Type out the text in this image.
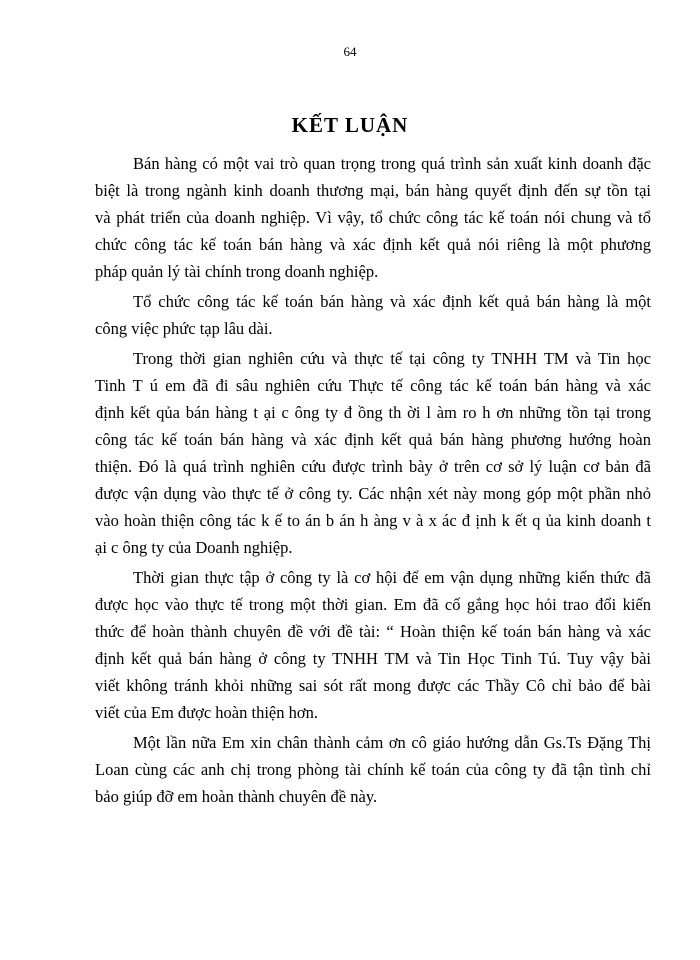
64
KẾT LUẬN
Bán hàng có một vai trò quan trọng trong quá trình sản xuất kinh doanh đặc
biệt là trong ngành kinh doanh thương mại, bán hàng quyết định đến sự tồn tại
và phát triển của doanh nghiệp. Vì vậy, tổ chức công tác kế toán nói chung và tổ
chức công tác kế toán bán hàng và xác định kết quả nói riêng là một phương
pháp quản lý tài chính trong doanh nghiệp.
Tổ chức công tác kế toán bán hàng và xác định kết quả bán hàng là một
công việc phức tạp lâu dài.
Trong thời gian nghiên cứu và thực tế tại công ty TNHH TM và Tin học
Tinh T ú em đã đi sâu nghiên cứu Thực tế công tác kế toán bán hàng và xác
định kết qủa bán hàng t ại c ông ty đ ồng th ời l àm ro h ơn những tồn tại trong
công tác kế toán bán hàng và xác định kết quả bán hàng phương hướng hoàn
thiện. Đó là quá trình nghiên cứu được trình bày ở trên cơ sở lý luận cơ bản đã
được vận dụng vào thực tế ở công ty. Các nhận xét này mong góp một phần nhỏ
vào hoàn thiện công tác k ế to án b án h àng v à x ác đ ịnh k ết q ủa kinh doanh t
ại c ông ty của Doanh nghiệp.
Thời gian thực tập ở công ty là cơ hội để em vận dụng những kiến thức đã
được học vào thực tế trong một thời gian. Em đã cố gắng học hỏi trao đổi kiến
thức để hoàn thành chuyên đề với đề tài: “ Hoàn thiện kế toán bán hàng và xác
định kết quả bán hàng ở công ty TNHH TM và Tin Học Tinh Tú. Tuy vậy bài
viết không tránh khỏi những sai sót rất mong được các Thầy Cô chỉ bảo để bài
viết của Em được hoàn thiện hơn.
Một lần nữa Em xin chân thành cảm ơn cô giáo hướng dẫn Gs.Ts Đặng Thị
Loan cùng các anh chị trong phòng tài chính kế toán của công ty đã tận tình chỉ
bảo giúp đỡ em hoàn thành chuyên đề này.
